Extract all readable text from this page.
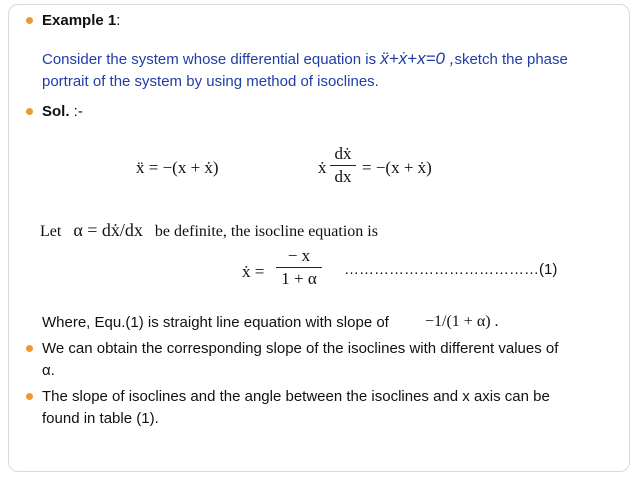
Example 1:
Consider the system whose differential equation is ẍ+ẋ+x=0 ,sketch the phase
portrait of the system by using method of isoclines.
Sol. :-
ẍ = −(x + ẋ)	ẋ
dẋ
dx = −(x + ẋ)
Let α = dẋ/dx be definite, the isocline equation is
ẋ =
− x
1 + α	…………………………………(1)
Where, Equ.(1) is straight line equation with slope of −1/(1 + α) .
We can obtain the corresponding slope of the isoclines with different values of
α.
The slope of isoclines and the angle between the isoclines and x axis can be
found in table (1).
